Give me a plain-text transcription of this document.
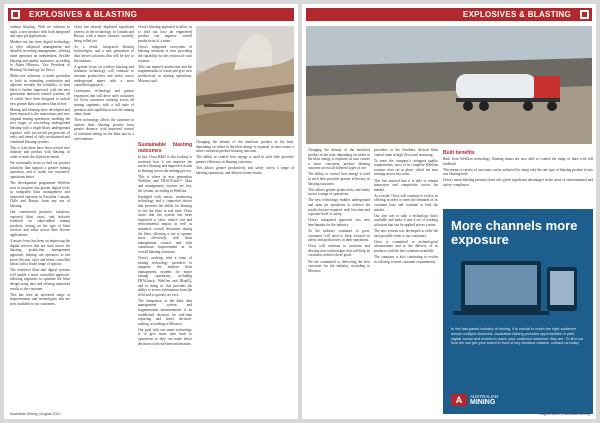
EXPLOSIVES & BLASTING

without blasting. With no solution in sight, a new product with both integrated and open pit applications.

Modern use has been digital technology to offer advanced management and detailed recording management, offering mine operators an independent, flexible blasting and quality assurance, according to Adam Morasso, Vice President of Blasting Technology for Orica.

Multi-core solutions, it needs particular to both its extending constitution and adjacent recently the reliability of hard blast is further improved, with the new generation initiation control systems, all of which have been designed to unlock new greater blast outcomes than before.

Mining and blasting have developed and been exposed to the innovations and new original mining operations, enabling the first stages of succeeding underground blasting with a single blasts underground together with successful progression of early and timed of fully mechanized and combined blasting systems.

This is why there have been several new industry and product with blasting, in order to meet the objectives needs.

We continually strive to find our product solutions that support a greater mining operation, and to make our customers' operations better.

The development programme WebGen now in progress has greater digital tools, as integrated blast management and improved expertise in Australia, Canada, Chile and Russia, from any use of blasting.

Our commercial products, solutions, expected blast cases, and includes feedback on value-added mining products, testing on the type of blast services and value across their diverse applications.

A major focus has been on improving the digital services that are used across the blasting production management approach, helping site operators to run more efficient, safer and better controlled blasts with a broad range of options.

The extensive blast and digital systems will enable a more controlled approach, allowing engineers to optimise the blast design using data and offering improved results to the customer.

This has seen an increased range of improvements and technologies that are now available to our customers.

Orica has already deployed significant interest in the technology in Canada and Russia, with a major contract currently being rolled out.

As a result, integrated blasting technologies, and a new generation of data driven solutions that will be key to the industry.

A greater focus on wireless blasting and initiation technology will continue to increase productivity and safety across underground mines with a more controlled approach.

Continuous technology and greater expansion that will drive safer outcomes for Orica customers working across all mining segments, with a full suite of products and capability across the mining value chain.

Their technology allows the customer to operate their blasting process from greater distance, with improved control of initiation timing on the blast and in a safer manner.

Orica's blasting approach to allow us to find out how an engineered product can improve overall productivity of a mine.

Orica's integrated ecosystem of blasting solutions is now providing the capability for the creation of such systems.

This can improve production and the fragmentation of waste and give new productivity in mining operations, Morasso said.

Sustainable blasting outcomes

In last, Orica R&D is also looking to ascertain how it can improve the surface blasting and improved results in blasting across the mining process.

This is where its new generation WebGen and FRAGTrack™ blast and management systems are key, the system, according to WebGen.

Equipped with sensor, monitoring technology and a connected device that provides the ability for blasting to fire the blast in real time, Orica states that the system has been improved to safer, reduce cost and environmental impact as well as minimise overall downtime during the blast, allowing a site to operate more effectively with blast management control, and with continuous improvement in its overall blasting outcomes.

Orica's working with a team of mining technology providers to integrate the modern blast management systems for major mining operations, including FRAGtrack, WebGen and BlastIQ, and in doing so, this provides the ability to access information from the field and to quickly act on it.

The integration of the blast data management system and fragmentation measurements is an established decision for real-time reporting and better decision-making, according to Morasso.

Our goal with our smart technology is to give more time back to operations so they can make better decisions with real-time information.

Changing the density of the emulsion product in the hole, depending on where in the blast energy is required, in turn creates a more consistent product blasting outcome.

The ability to control how energy is used in each hole provides greater efficiency in blasting outcomes.

This allows greater productivity and safety across a range of blasting operations, and delivers better results.

Australian Mining | August 2021
EXPLOSIVES & BLASTING

Changing the density of the emulsion product in the hole, depending on where in the blast energy is required, in turn creates a more consistent product blasting outcome across all different types of ore.

The ability to control how energy is used in each hole provides greater efficiency in blasting outcomes.

This allows greater productivity and safety across a range of operations.

The new technology enables underground and open pit operations to achieve the results that are required, with less time and a greater level of safety.

Orica's integrated approach sets new benchmarks for the industry.

As the industry continues to grow, customers will need to keep focused on safety and productivity in their operations.

Orica will continue to innovate and develop new technologies that will help its customers achieve these goals.

We are committed to delivering the best outcomes for the industry, according to Morasso.

providers in the Southern African blast control team at high Orica and in mining.

To meet the company's stringent quality requirements, most of its complete WebGen systems were set in place, which are now running across key areas.

This has ensured that it is able to remain innovative and competitive across the market.

As a result, Orica will continue to evolve its offering in order to meet the demands of its customer base and continue to lead the market.

Our aim was to take a technology that's available and make it into a set of working solutions that can be applied across a mine.

The new system was developed to offer the best possible value to our customers.

Orica is committed to technological advancement and to the delivery of its products with the best solutions available.

The company is also continuing to evolve its offering to meet customer requirements.

Built benefits

Built from WebGen technology, blasting teams are now able to control the range of blast with full feedback.

This means a variety of outcomes can be achieved by using only the one type of blasting product in any one blasting hole.

Orica's smart blasting products have also given significant advantages in the areas of environmental and safety compliance.

More channels more exposure
In the fast-paced industry of mining, it is crucial to reach the right audience across multiple channels. Australian Mining provides opportunities in print, digital, social and events to reach your audience wherever they are. To find out how we can get your brand in front of key decision makers, contact us today.
A AUSTRALIAN
MINING
August 2021 | Australian Mining
